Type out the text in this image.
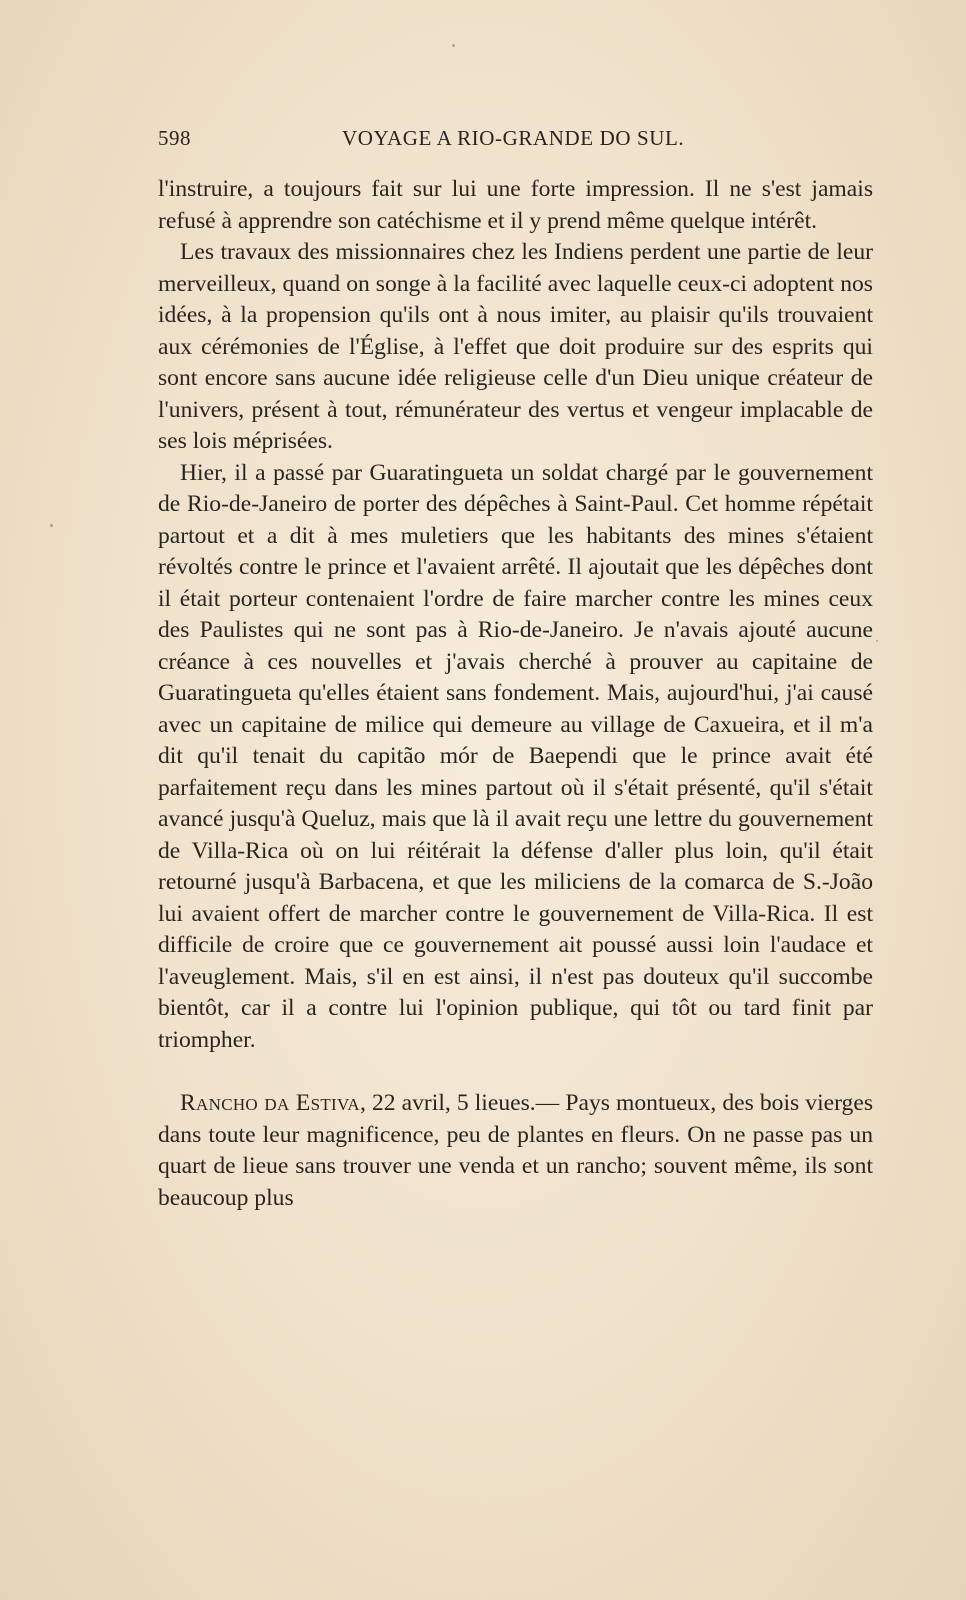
598	VOYAGE A RIO-GRANDE DO SUL.

l'instruire, a toujours fait sur lui une forte impression. Il ne s'est jamais refusé à apprendre son catéchisme et il y prend même quelque intérêt.

Les travaux des missionnaires chez les Indiens perdent une partie de leur merveilleux, quand on songe à la facilité avec laquelle ceux-ci adoptent nos idées, à la propension qu'ils ont à nous imiter, au plaisir qu'ils trouvaient aux cérémonies de l'Église, à l'effet que doit produire sur des esprits qui sont encore sans aucune idée religieuse celle d'un Dieu unique créateur de l'univers, présent à tout, rémunérateur des vertus et vengeur implacable de ses lois méprisées.

Hier, il a passé par Guaratingueta un soldat chargé par le gouvernement de Rio-de-Janeiro de porter des dépêches à Saint-Paul. Cet homme répétait partout et a dit à mes muletiers que les habitants des mines s'étaient révoltés contre le prince et l'avaient arrêté. Il ajoutait que les dépêches dont il était porteur contenaient l'ordre de faire marcher contre les mines ceux des Paulistes qui ne sont pas à Rio-de-Janeiro. Je n'avais ajouté aucune créance à ces nouvelles et j'avais cherché à prouver au capitaine de Guaratingueta qu'elles étaient sans fondement. Mais, aujourd'hui, j'ai causé avec un capitaine de milice qui demeure au village de Caxueira, et il m'a dit qu'il tenait du capitão mór de Baependi que le prince avait été parfaitement reçu dans les mines partout où il s'était présenté, qu'il s'était avancé jusqu'à Queluz, mais que là il avait reçu une lettre du gouvernement de Villa-Rica où on lui réitérait la défense d'aller plus loin, qu'il était retourné jusqu'à Barbacena, et que les miliciens de la comarca de S.-João lui avaient offert de marcher contre le gouvernement de Villa-Rica. Il est difficile de croire que ce gouvernement ait poussé aussi loin l'audace et l'aveuglement. Mais, s'il en est ainsi, il n'est pas douteux qu'il succombe bientôt, car il a contre lui l'opinion publique, qui tôt ou tard finit par triompher.

Rancho da Estiva, 22 avril, 5 lieues.— Pays montueux, des bois vierges dans toute leur magnificence, peu de plantes en fleurs. On ne passe pas un quart de lieue sans trouver une venda et un rancho; souvent même, ils sont beaucoup plus
